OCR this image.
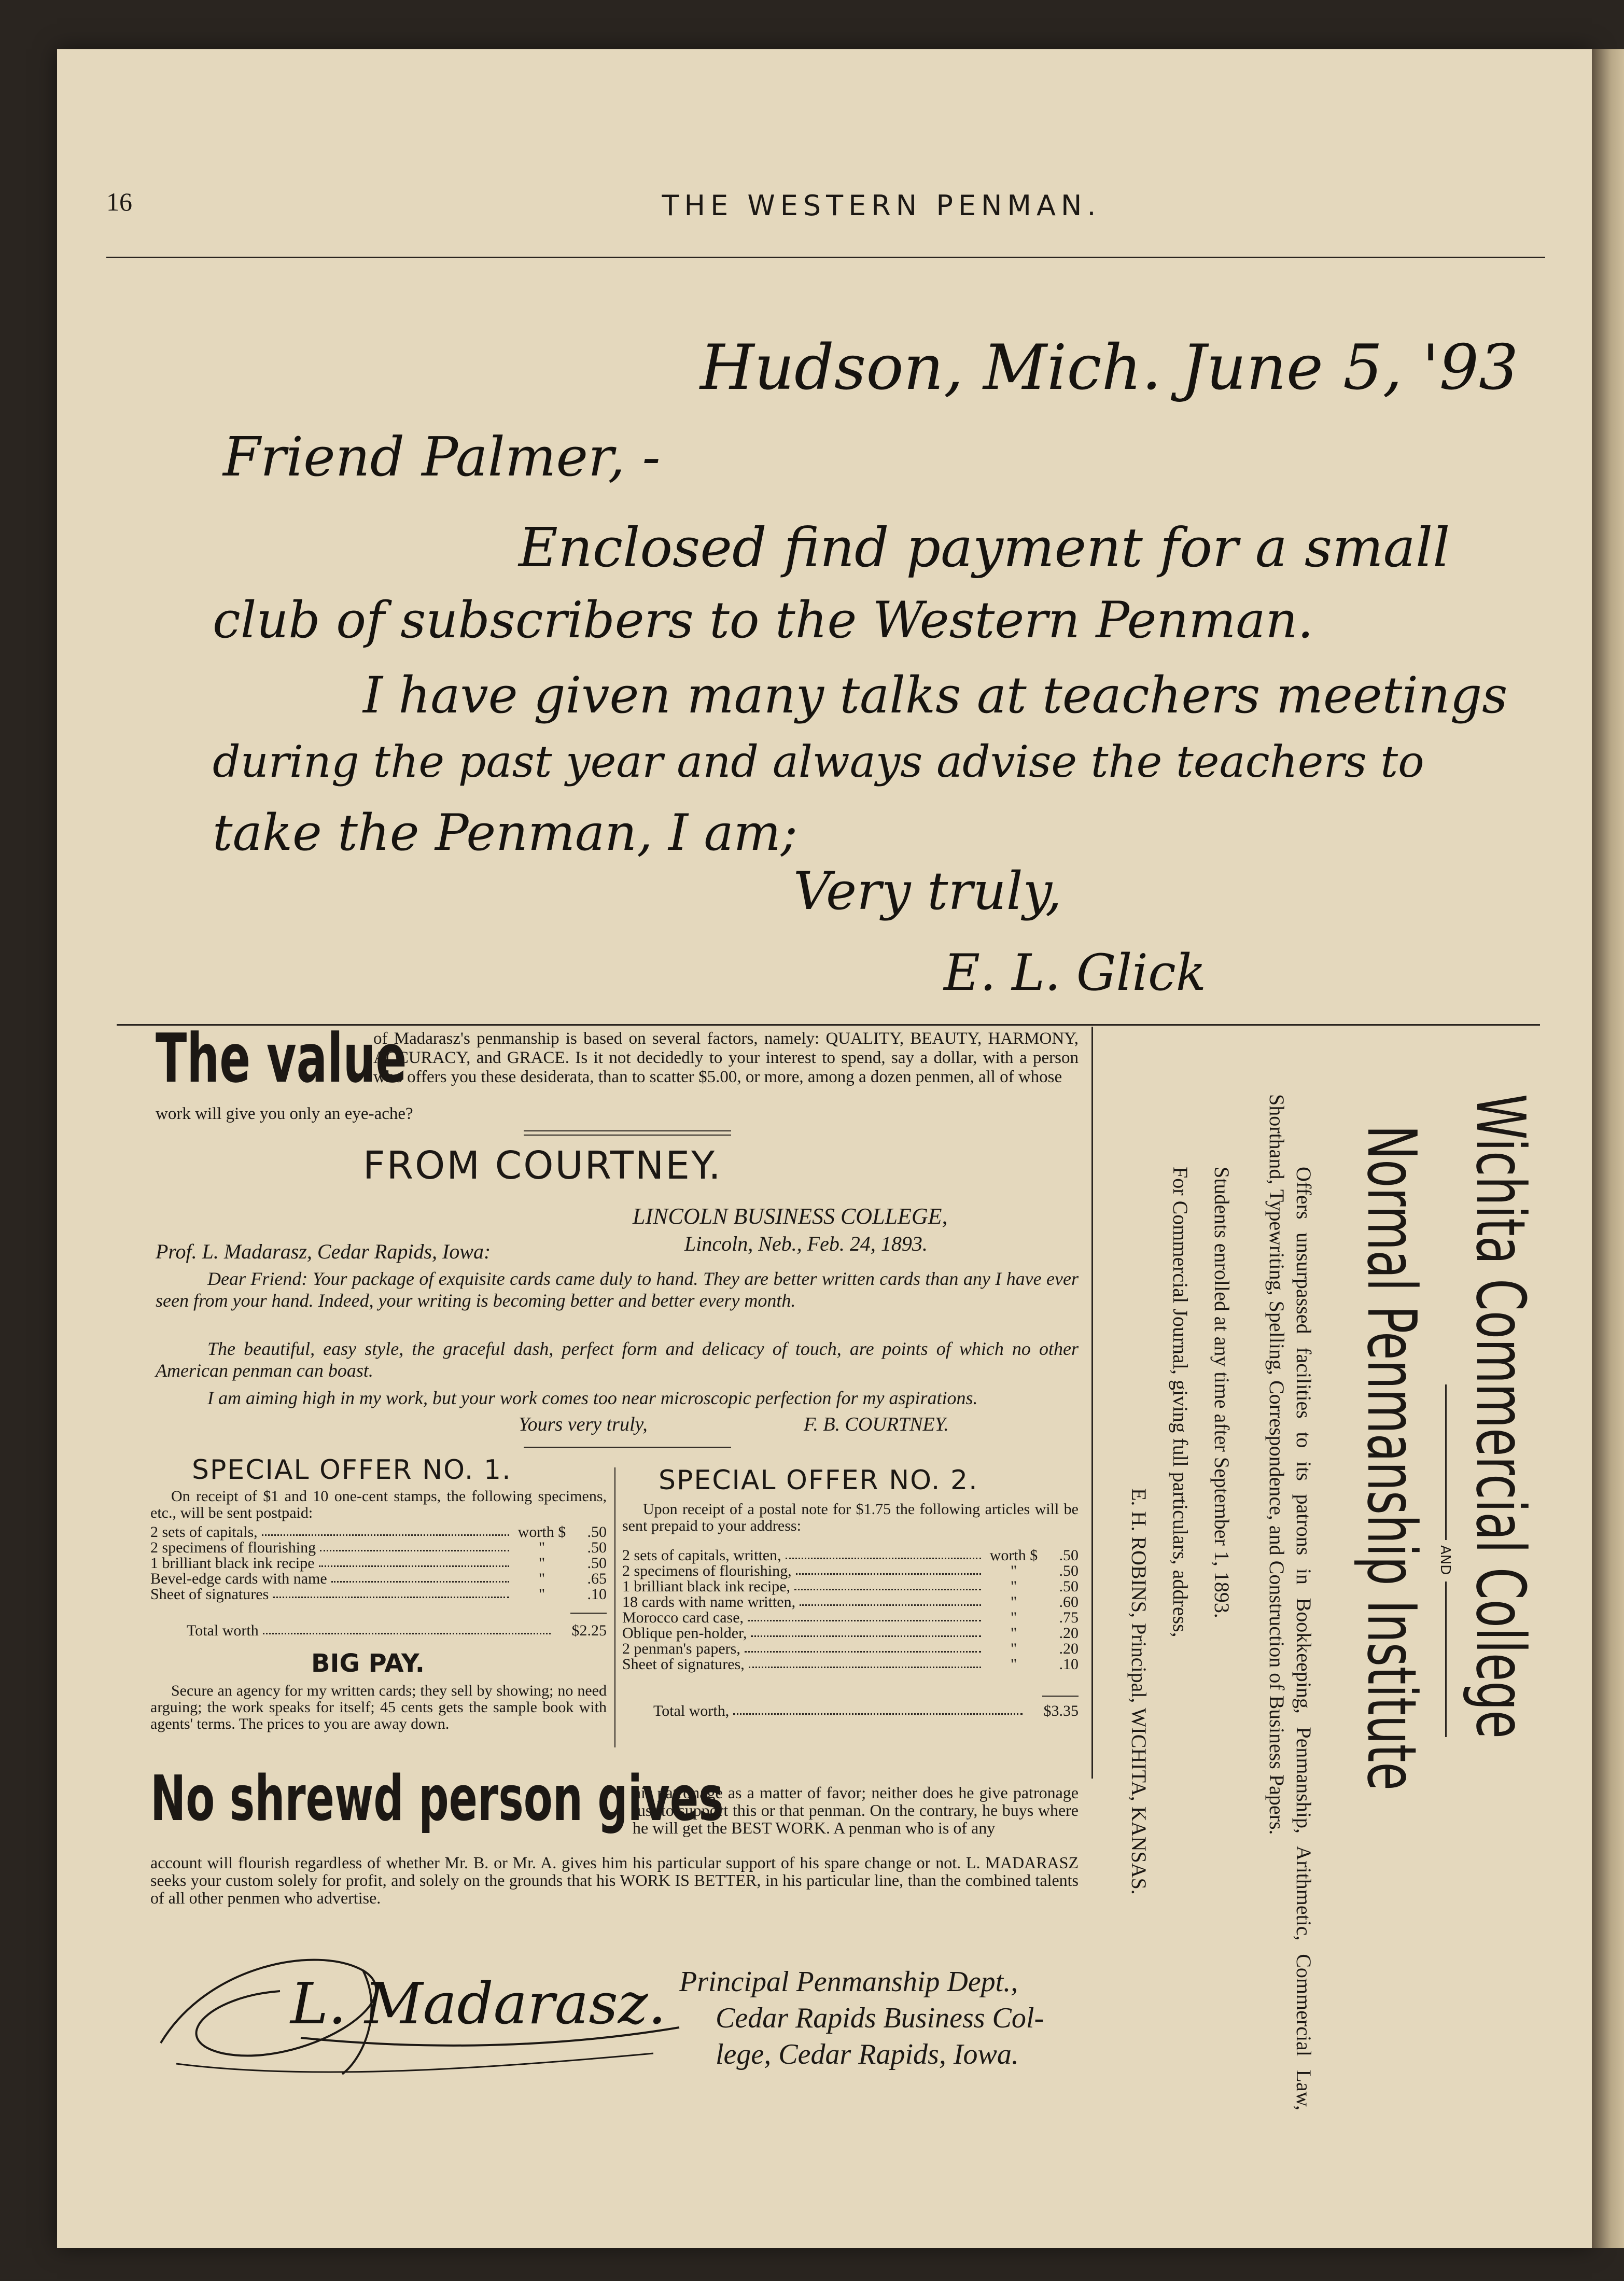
16	THE WESTERN PENMAN.
Hudson, Mich. June 5, '93
Friend Palmer, -
Enclosed find payment for a small
club of subscribers to the Western Penman.
I have given many talks at teachers meetings
during the past year and always advise the teachers to
take the Penman, I am;
Very truly,
E. L. Glick
The value
of Madarasz's penmanship is based on several factors, namely: QUALITY, BEAUTY, HARMONY, ACCURACY, and GRACE. Is it not decidedly to your interest to spend, say a dollar, with a person who offers you these desiderata, than to scatter $5.00, or more, among a dozen penmen, all of whose
work will give you only an eye-ache?
FROM COURTNEY.
LINCOLN BUSINESS COLLEGE,
Lincoln, Neb., Feb. 24, 1893.
Prof. L. Madarasz, Cedar Rapids, Iowa:
Dear Friend: Your package of exquisite cards came duly to hand. They are better written cards than any I have ever seen from your hand. Indeed, your writing is becoming better and better every month.
The beautiful, easy style, the graceful dash, perfect form and delicacy of touch, are points of which no other American penman can boast.
I am aiming high in my work, but your work comes too near microscopic perfection for my aspirations.
Yours very truly,	F. B. COURTNEY.
SPECIAL OFFER NO. 1.
On receipt of $1 and 10 one-cent stamps, the following specimens, etc., will be sent postpaid:
2 sets of capitals,	worth $	.50
2 specimens of flourishing	"	.50
1 brilliant black ink recipe	"	.50
Bevel-edge cards with name	"	.65
Sheet of signatures	"	.10
Total worth	$2.25
BIG PAY.
Secure an agency for my written cards; they sell by showing; no need arguing; the work speaks for itself; 45 cents gets the sample book with agents' terms. The prices to you are away down.
SPECIAL OFFER NO. 2.
Upon receipt of a postal note for $1.75 the following articles will be sent prepaid to your address:
2 sets of capitals, written,	worth $	.50
2 specimens of flourishing,	"	.50
1 brilliant black ink recipe,	"	.50
18 cards with name written,	"	.60
Morocco card case,	"	.75
Oblique pen-holder,	"	.20
2 penman's papers,	"	.20
Sheet of signatures,	"	.10
Total worth,	$3.35
No shrewd person gives
his patronage as a matter of favor; neither does he give patronage just to support this or that penman. On the contrary, he buys where he will get the BEST WORK. A penman who is of any
account will flourish regardless of whether Mr. B. or Mr. A. gives him his particular support of his spare change or not. L. MADARASZ seeks your custom solely for profit, and solely on the grounds that his WORK IS BETTER, in his particular line, than the combined talents of all other penmen who advertise.
L. Madarasz. Principal Penmanship Dept.,
Cedar Rapids Business Col-
lege, Cedar Rapids, Iowa.
Wichita Commercial College
AND
Normal Penmanship Institute
Offers unsurpassed facilities to its patrons in Bookkeeping, Penmanship, Arithmetic, Commercial Law, Shorthand, Typewriting, Spelling, Correspondence, and Construction of Business Papers.
Students enrolled at any time after September 1, 1893.
For Commercial Journal, giving full particulars, address,
E. H. ROBINS, Principal, WICHITA, KANSAS.
